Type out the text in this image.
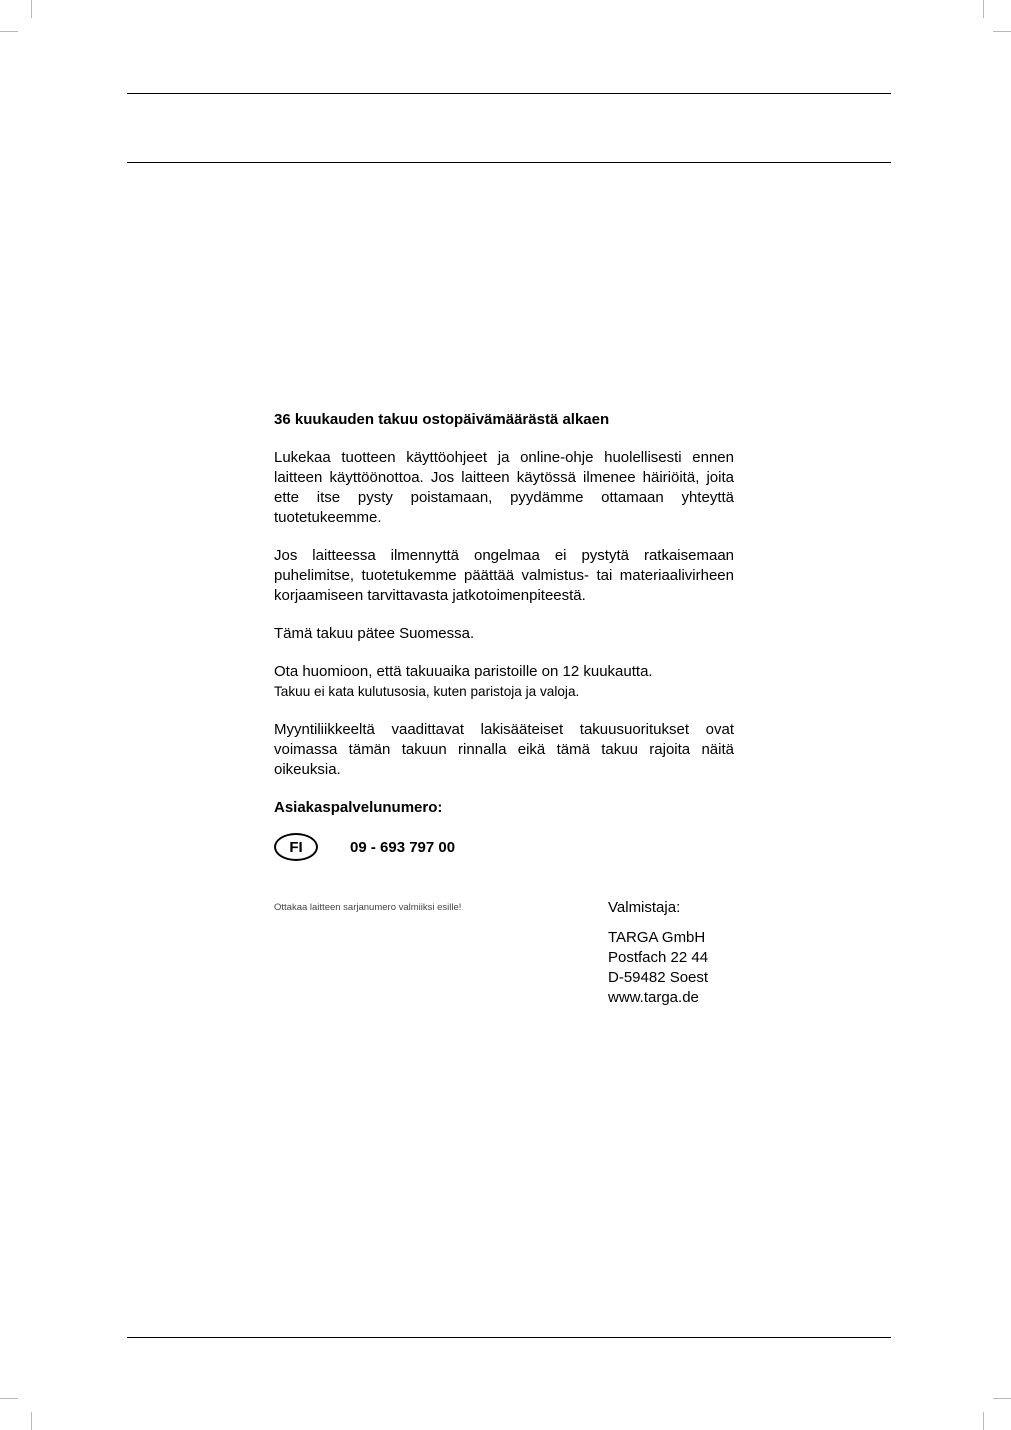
36 kuukauden takuu ostopäivämäärästä alkaen
Lukekaa tuotteen käyttöohjeet ja online-ohje huolellisesti ennen laitteen käyttöönottoa. Jos laitteen käytössä ilmenee häiriöitä, joita ette itse pysty poistamaan, pyydämme ottamaan yhteyttä tuotetukeemme.
Jos laitteessa ilmennyttä ongelmaa ei pystytä ratkaisemaan puhelimitse, tuotetukemme päättää valmistus- tai materiaalivirheen korjaamiseen tarvittavasta jatkotoimenpiteestä.
Tämä takuu pätee Suomessa.
Ota huomioon, että takuuaika paristoille on 12 kuukautta.
Takuu ei kata kulutusosia, kuten paristoja ja valoja.
Myyntiliikkeeltä vaadittavat lakisääteiset takuusuoritukset ovat voimassa tämän takuun rinnalla eikä tämä takuu rajoita näitä oikeuksia.
Asiakaspalvelunumero:
FI	09 - 693 797 00
Ottakaa laitteen sarjanumero valmiiksi esille!	Valmistaja:
TARGA GmbH
Postfach 22 44
D-59482 Soest
www.targa.de
